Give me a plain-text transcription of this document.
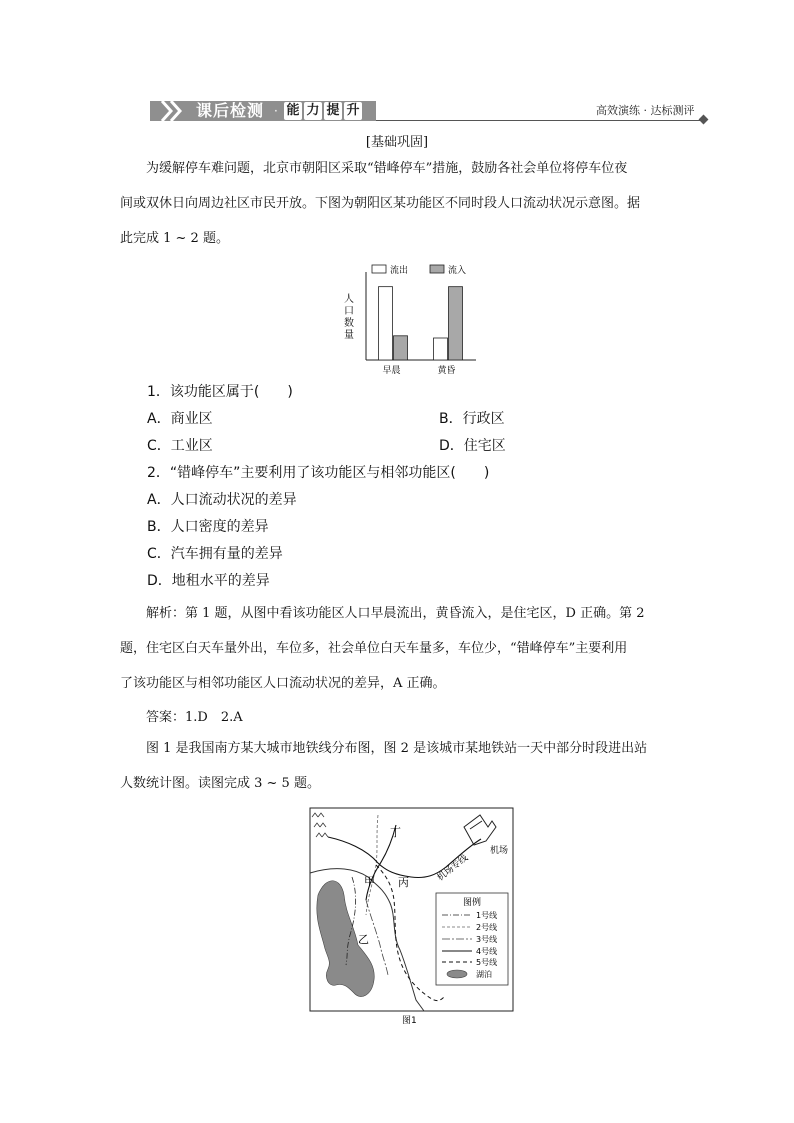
课后检测 · 能 力 提 升	高效演练 · 达标测评
[基础巩固]
为缓解停车难问题，北京市朝阳区采取“错峰停车”措施，鼓励各社会单位将停车位夜
间或双休日向周边社区市民开放。下图为朝阳区某功能区不同时段人口流动状况示意图。据
此完成 1 ~ 2 题。
人
口
数
量
流出	流入
早晨	黄昏
1．该功能区属于(　　)
A．商业区	B．行政区
C．工业区	D．住宅区
2．“错峰停车”主要利用了该功能区与相邻功能区(　　)
A．人口流动状况的差异
B．人口密度的差异
C．汽车拥有量的差异
D．地租水平的差异
解析：第 1 题，从图中看该功能区人口早晨流出，黄昏流入，是住宅区，D 正确。第 2
题，住宅区白天车量外出，车位多，社会单位白天车量多，车位少，“错峰停车”主要利用
了该功能区与相邻功能区人口流动状况的差异，A 正确。
答案：1.D　2.A
图 1 是我国南方某大城市地铁线分布图，图 2 是该城市某地铁站一天中部分时段进出站
人数统计图。读图完成 3 ~ 5 题。
丁
甲 丙
乙
机场
机场专线
图例
1号线
2号线
3号线
4号线
5号线
湖泊
图1
